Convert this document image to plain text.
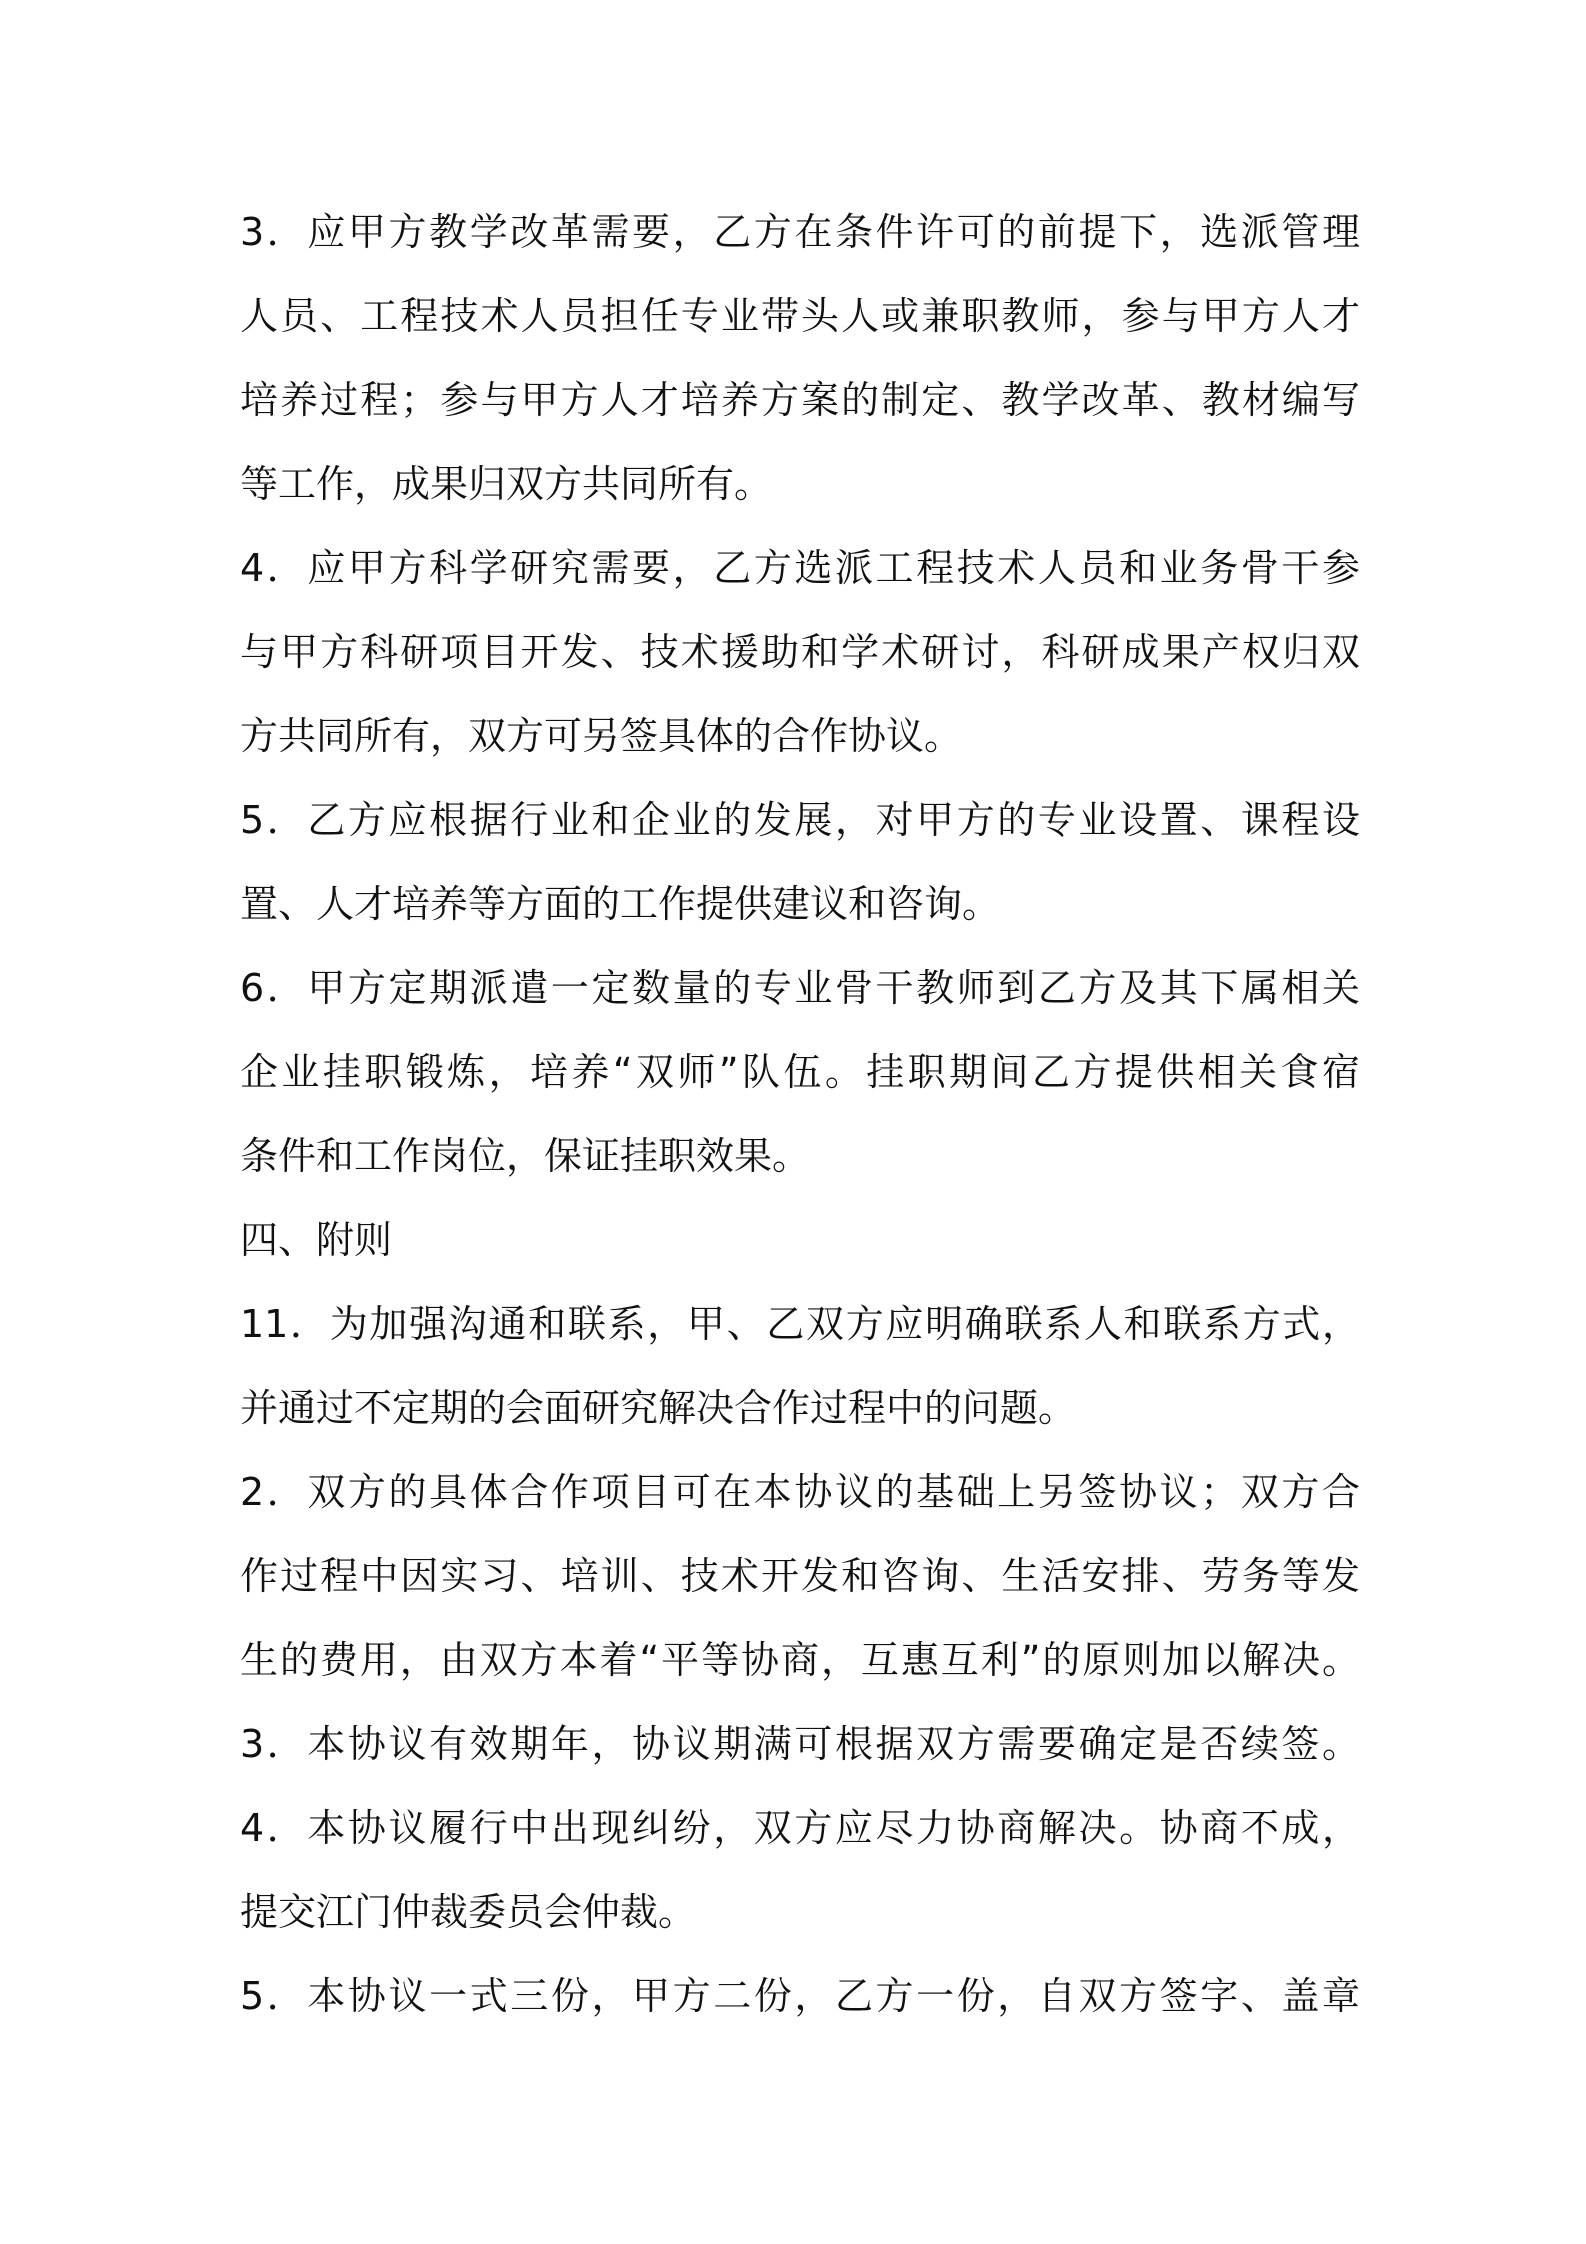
3．应甲方教学改革需要，乙方在条件许可的前提下，选派管理
人员、工程技术人员担任专业带头人或兼职教师，参与甲方人才
培养过程；参与甲方人才培养方案的制定、教学改革、教材编写
等工作，成果归双方共同所有。
4．应甲方科学研究需要，乙方选派工程技术人员和业务骨干参
与甲方科研项目开发、技术援助和学术研讨，科研成果产权归双
方共同所有，双方可另签具体的合作协议。
5．乙方应根据行业和企业的发展，对甲方的专业设置、课程设
置、人才培养等方面的工作提供建议和咨询。
6．甲方定期派遣一定数量的专业骨干教师到乙方及其下属相关
企业挂职锻炼，培养“双师”队伍。挂职期间乙方提供相关食宿
条件和工作岗位，保证挂职效果。
四、附则
11．为加强沟通和联系，甲、乙双方应明确联系人和联系方式，
并通过不定期的会面研究解决合作过程中的问题。
2．双方的具体合作项目可在本协议的基础上另签协议；双方合
作过程中因实习、培训、技术开发和咨询、生活安排、劳务等发
生的费用，由双方本着“平等协商，互惠互利”的原则加以解决。
3．本协议有效期年，协议期满可根据双方需要确定是否续签。
4．本协议履行中出现纠纷，双方应尽力协商解决。协商不成，
提交江门仲裁委员会仲裁。
5．本协议一式三份，甲方二份，乙方一份，自双方签字、盖章
